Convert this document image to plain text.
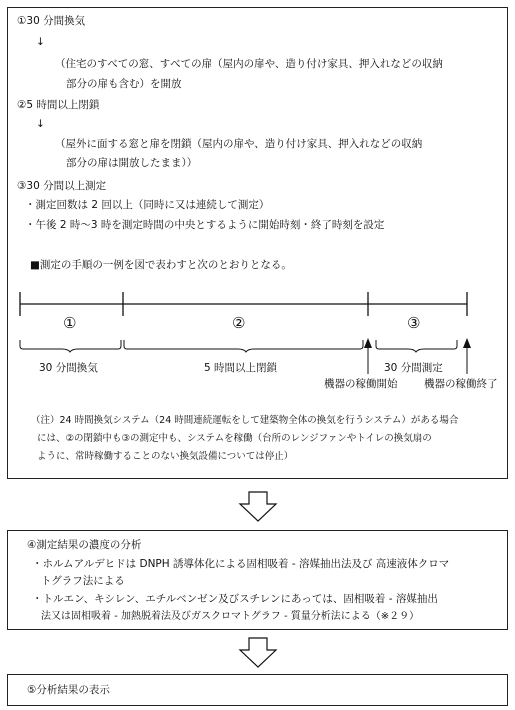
①30 分間換気
↓
（住宅のすべての窓、すべての扉（屋内の扉や、造り付け家具、押入れなどの収納
部分の扉も含む）を開放
②5 時間以上閉鎖
↓
（屋外に面する窓と扉を閉鎖（屋内の扉や、造り付け家具、押入れなどの収納
部分の扉は開放したまま））
③30 分間以上測定
・測定回数は 2 回以上（同時に又は連続して測定）
・午後 2 時～3 時を測定時間の中央とするように開始時刻・終了時刻を設定
■測定の手順の一例を図で表わすと次のとおりとなる。
①	②	③
30 分間換気	5 時間以上閉鎖	30 分間測定
機器の稼働開始	機器の稼働終了
（注）24 時間換気システム（24 時間連続運転をして建築物全体の換気を行うシステム）がある場合
には、②の閉鎖中も③の測定中も、システムを稼働（台所のレンジファンやトイレの換気扇の
ように、常時稼働することのない換気設備については停止）
④測定結果の濃度の分析
・ホルムアルデヒドは DNPH 誘導体化による固相吸着 - 溶媒抽出法及び 高速液体クロマ
トグラフ法による
・トルエン、キシレン、エチルベンゼン及びスチレンにあっては、固相吸着 - 溶媒抽出
法又は固相吸着 - 加熱脱着法及びガスクロマトグラフ - 質量分析法による（※２９）
⑤分析結果の表示
